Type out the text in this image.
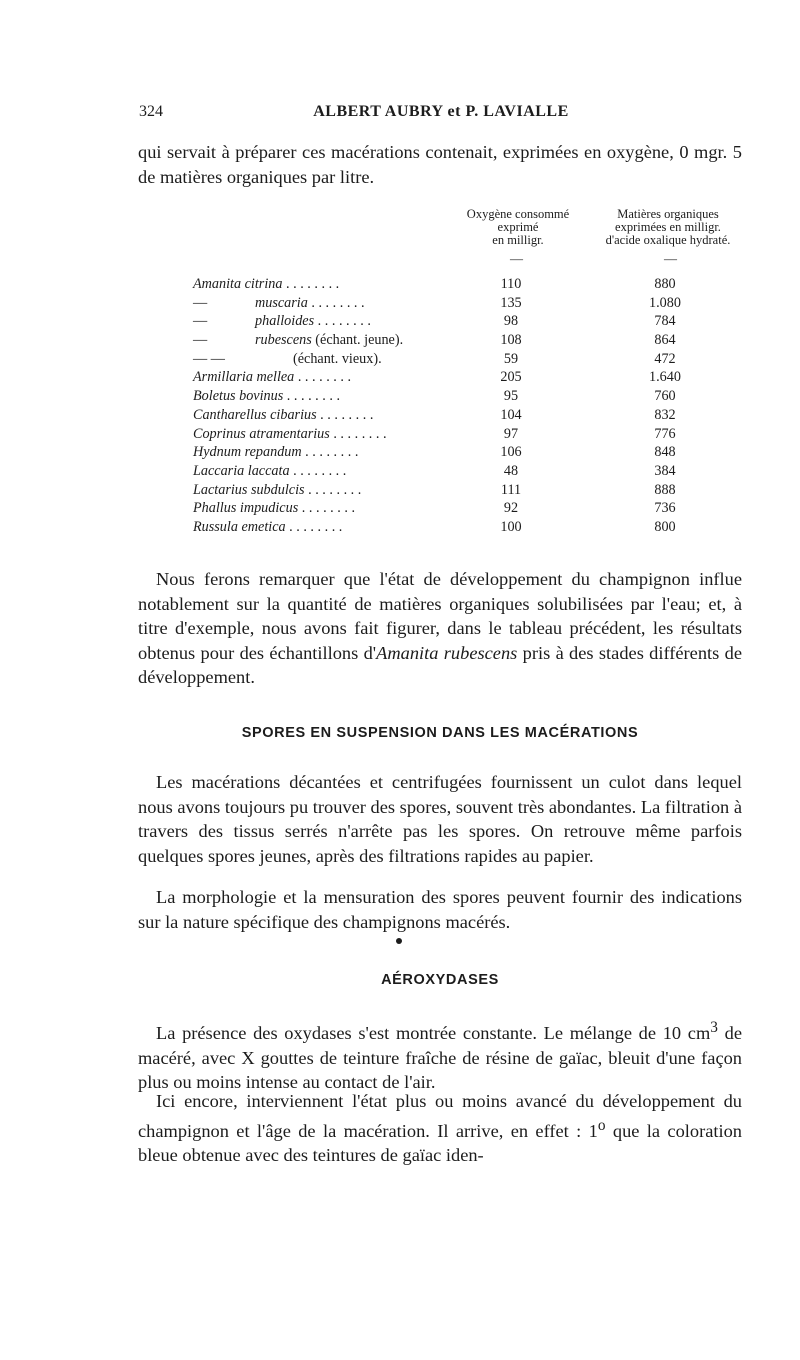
324	ALBERT AUBRY et P. LAVIALLE

qui servait à préparer ces macérations contenait, exprimées en oxygène, 0 mgr. 5 de matières organiques par litre.

Oxygène consommé
exprimé
en milligr.
Matières organiques
exprimées en milligr.
d'acide oxalique hydraté.
—	—
Amanita citrina . . . . . . . .	110	880
—	muscaria . . . . . . . .	135	1.080
—	phalloides . . . . . . . .	98	784
—	rubescens (échant. jeune).	108	864
— —	(échant. vieux).	59	472
Armillaria mellea . . . . . . . .	205	1.640
Boletus bovinus . . . . . . . .	95	760
Cantharellus cibarius . . . . . . . .	104	832
Coprinus atramentarius . . . . . . . .	97	776
Hydnum repandum . . . . . . . .	106	848
Laccaria laccata . . . . . . . .	48	384
Lactarius subdulcis . . . . . . . .	111	888
Phallus impudicus . . . . . . . .	92	736
Russula emetica . . . . . . . .	100	800

Nous ferons remarquer que l'état de développement du champignon influe notablement sur la quantité de matières organiques solubilisées par l'eau; et, à titre d'exemple, nous avons fait figurer, dans le tableau précédent, les résultats obtenus pour des échantillons d'Amanita rubescens pris à des stades différents de développement.

SPORES EN SUSPENSION DANS LES MACÉRATIONS

Les macérations décantées et centrifugées fournissent un culot dans lequel nous avons toujours pu trouver des spores, souvent très abondantes. La filtration à travers des tissus serrés n'arrête pas les spores. On retrouve même parfois quelques spores jeunes, après des filtrations rapides au papier.

La morphologie et la mensuration des spores peuvent fournir des indications sur la nature spécifique des champignons macérés.

AÉROXYDASES

La présence des oxydases s'est montrée constante. Le mélange de 10 $cm^3$ de macéré, avec X gouttes de teinture fraîche de résine de gaïac, bleuit d'une façon plus ou moins intense au contact de l'air.

Ici encore, interviennent l'état plus ou moins avancé du développement du champignon et l'âge de la macération. Il arrive, en effet : 1$^o$ que la coloration bleue obtenue avec des teintures de gaïac iden-
